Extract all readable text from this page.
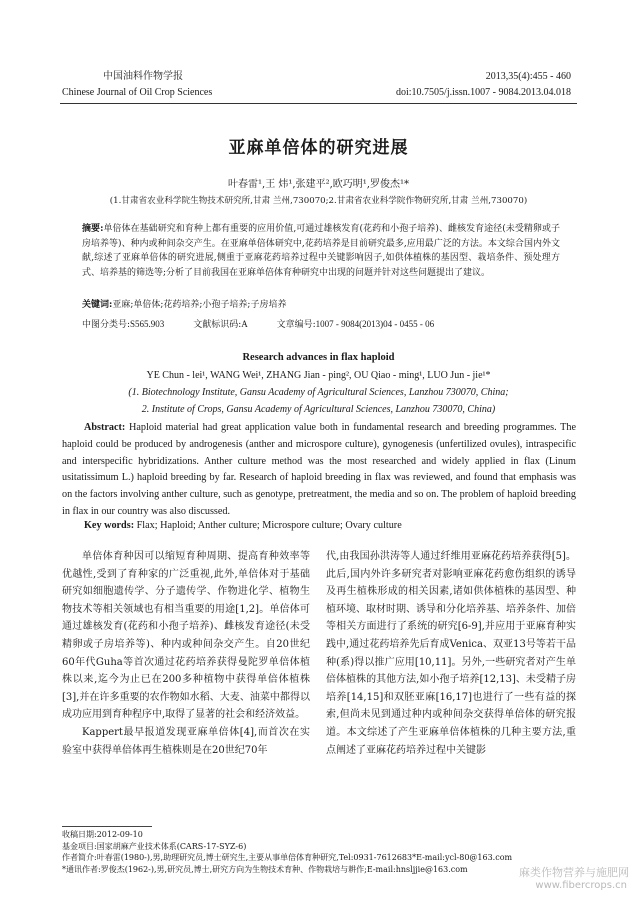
中国油料作物学报
Chinese Journal of Oil Crop Sciences
2013,35(4):455 - 460
doi:10.7505/j.issn.1007 - 9084.2013.04.018
亚麻单倍体的研究进展
叶春雷¹,王 炜¹,张建平²,欧巧明¹,罗俊杰¹*
(1.甘肃省农业科学院生物技术研究所,甘肃 兰州,730070;2.甘肃省农业科学院作物研究所,甘肃 兰州,730070)
摘要:单倍体在基础研究和育种上都有重要的应用价值,可通过雄核发育(花药和小孢子培养)、雌核发育途径(未受精卵或子房培养等)、种内或种间杂交产生。在亚麻单倍体研究中,花药培养是目前研究最多,应用最广泛的方法。本文综合国内外文献,综述了亚麻单倍体的研究进展,侧重于亚麻花药培养过程中关键影响因子,如供体植株的基因型、栽培条件、预处理方式、培养基的筛选等;分析了目前我国在亚麻单倍体育种研究中出现的问题并针对这些问题提出了建议。
关键词:亚麻;单倍体;花药培养;小孢子培养;子房培养
中图分类号:S565.903	文献标识码:A	文章编号:1007 - 9084(2013)04 - 0455 - 06
Research advances in flax haploid
YE Chun - lei¹, WANG Wei¹, ZHANG Jian - ping², OU Qiao - ming¹, LUO Jun - jie¹*
(1. Biotechnology Institute, Gansu Academy of Agricultural Sciences, Lanzhou 730070, China;
2. Institute of Crops, Gansu Academy of Agricultural Sciences, Lanzhou 730070, China)
Abstract: Haploid material had great application value both in fundamental research and breeding programmes. The haploid could be produced by androgenesis (anther and microspore culture), gynogenesis (unfertilized ovules), intraspecific and interspecific hybridizations. Anther culture method was the most researched and widely applied in flax (Linum usitatissimum L.) haploid breeding by far. Research of haploid breeding in flax was reviewed, and found that emphasis was on the factors involving anther culture, such as genotype, pretreatment, the media and so on. The problem of haploid breeding in flax in our country was also discussed.
Key words: Flax; Haploid; Anther culture; Microspore culture; Ovary culture

单倍体育种因可以缩短育种周期、提高育种效率等优越性,受到了育种家的广泛重视,此外,单倍体对于基础研究如细胞遗传学、分子遗传学、作物进化学、植物生物技术等相关领域也有相当重要的用途[1,2]。单倍体可通过雄核发育(花药和小孢子培养)、雌核发育途径(未受精卵或子房培养等)、种内或种间杂交产生。自20世纪60年代Guha等首次通过花药培养获得曼陀罗单倍体植株以来,迄今为止已在200多种植物中获得单倍体植株[3],并在许多重要的农作物如水稻、大麦、油菜中都得以成功应用到育种程序中,取得了显著的社会和经济效益。

Kappert最早报道发现亚麻单倍体[4],而首次在实验室中获得单倍体再生植株则是在20世纪70年

代,由我国孙洪涛等人通过纤维用亚麻花药培养获得[5]。此后,国内外许多研究者对影响亚麻花药愈伤组织的诱导及再生植株形成的相关因素,诸如供体植株的基因型、种植环境、取材时期、诱导和分化培养基、培养条件、加倍等相关方面进行了系统的研究[6-9],并应用于亚麻育种实践中,通过花药培养先后育成Venica、双亚13号等若干品种(系)得以推广应用[10,11]。另外,一些研究者对产生单倍体植株的其他方法,如小孢子培养[12,13]、未受精子房培养[14,15]和双胚亚麻[16,17]也进行了一些有益的探索,但尚未见到通过种内或种间杂交获得单倍体的研究报道。本文综述了产生亚麻单倍体植株的几种主要方法,重点阐述了亚麻花药培养过程中关键影

收稿日期:2012-09-10
基金项目:国家胡麻产业技术体系(CARS-17-SYZ-6)
作者简介:叶春雷(1980-),男,助理研究员,博士研究生,主要从事单倍体育种研究,Tel:0931-7612683*E-mail:ycl-80@163.com
*通讯作者:罗俊杰(1962-),男,研究员,博士,研究方向为生物技术育种、作物栽培与耕作;E-mail:hnsljjie@163.com	麻类作物营养与施肥网
www.fibercrops.cn
